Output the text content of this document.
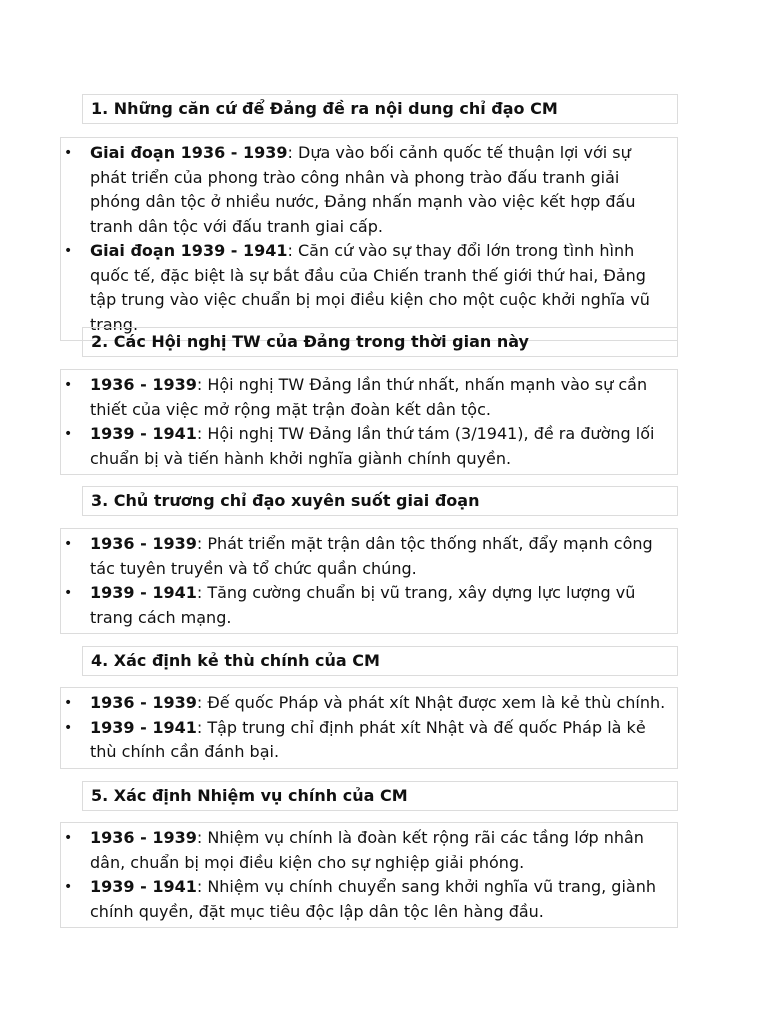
1. Những căn cứ để Đảng đề ra nội dung chỉ đạo CM
• Giai đoạn 1936 - 1939: Dựa vào bối cảnh quốc tế thuận lợi với sự phát triển của phong trào công nhân và phong trào đấu tranh giải phóng dân tộc ở nhiều nước, Đảng nhấn mạnh vào việc kết hợp đấu tranh dân tộc với đấu tranh giai cấp.
• Giai đoạn 1939 - 1941: Căn cứ vào sự thay đổi lớn trong tình hình quốc tế, đặc biệt là sự bắt đầu của Chiến tranh thế giới thứ hai, Đảng tập trung vào việc chuẩn bị mọi điều kiện cho một cuộc khởi nghĩa vũ trang.
2. Các Hội nghị TW của Đảng trong thời gian này
• 1936 - 1939: Hội nghị TW Đảng lần thứ nhất, nhấn mạnh vào sự cần thiết của việc mở rộng mặt trận đoàn kết dân tộc.
• 1939 - 1941: Hội nghị TW Đảng lần thứ tám (3/1941), đề ra đường lối chuẩn bị và tiến hành khởi nghĩa giành chính quyền.
3. Chủ trương chỉ đạo xuyên suốt giai đoạn
• 1936 - 1939: Phát triển mặt trận dân tộc thống nhất, đẩy mạnh công tác tuyên truyền và tổ chức quần chúng.
• 1939 - 1941: Tăng cường chuẩn bị vũ trang, xây dựng lực lượng vũ trang cách mạng.
4. Xác định kẻ thù chính của CM
• 1936 - 1939: Đế quốc Pháp và phát xít Nhật được xem là kẻ thù chính.
• 1939 - 1941: Tập trung chỉ định phát xít Nhật và đế quốc Pháp là kẻ thù chính cần đánh bại.
5. Xác định Nhiệm vụ chính của CM
• 1936 - 1939: Nhiệm vụ chính là đoàn kết rộng rãi các tầng lớp nhân dân, chuẩn bị mọi điều kiện cho sự nghiệp giải phóng.
• 1939 - 1941: Nhiệm vụ chính chuyển sang khởi nghĩa vũ trang, giành chính quyền, đặt mục tiêu độc lập dân tộc lên hàng đầu.
